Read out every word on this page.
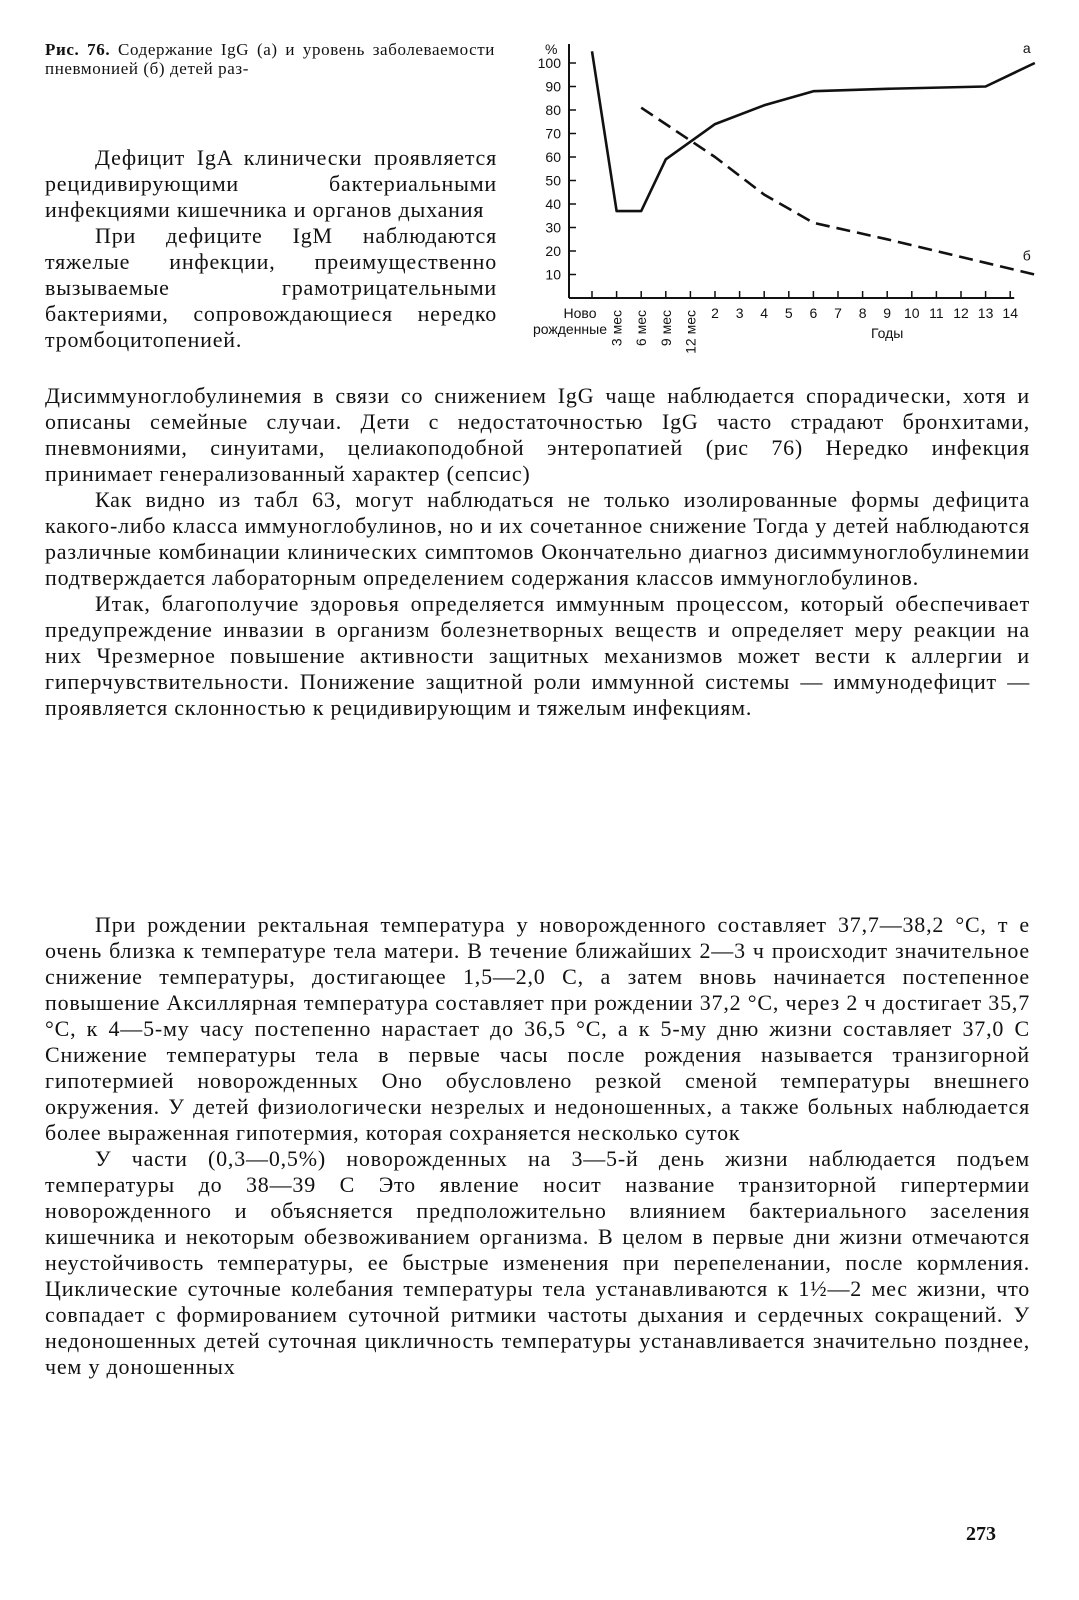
Рис. 76. Содержание IgG (а) и уровень заболеваемости пневмонией (б) детей раз-

Дефицит IgA клинически проявляется рецидивирующими бактериальными инфекциями кишечника и органов дыхания

При дефиците IgM наблюдаются тяжелые инфекции, преимущественно вызываемые грамотрицательными бактериями, сопровождающиеся нередко тромбоцитопенией.

10
20
30
40
50
60
70
80
90
100
Ново
рожденные 3 мес 6 мес 9 мес 12 мес 2 3 4 5 6 7 8 9 10 11 12 13 14
%
Годы
а
б

Дисиммуноглобулинемия в связи со снижением IgG чаще наблюдается спорадически, хотя и описаны семейные случаи. Дети с недостаточностью IgG часто страдают бронхитами, пневмониями, синуитами, целиакоподобной энтеропатией (рис 76) Нередко инфекция принимает генерализованный характер (сепсис)

Как видно из табл 63, могут наблюдаться не только изолированные формы дефицита какого-либо класса иммуноглобулинов, но и их сочетанное снижение Тогда у детей наблюдаются различные комбинации клинических симптомов Окончательно диагноз дисиммуноглобулинемии подтверждается лабораторным определением содержания классов иммуноглобулинов.

Итак, благополучие здоровья определяется иммунным процессом, который обеспечивает предупреждение инвазии в организм болезнетворных веществ и определяет меру реакции на них Чрезмерное повышение активности защитных механизмов может вести к аллергии и гиперчувствительности. Понижение защитной роли иммунной системы — иммунодефицит — проявляется склонностью к рецидивирующим и тяжелым инфекциям.

При рождении ректальная температура у новорожденного составляет 37,7—38,2 °С, т е очень близка к температуре тела матери. В течение ближайших 2—3 ч происходит значительное снижение температуры, достигающее 1,5—2,0 С, а затем вновь начинается постепенное повышение Аксиллярная температура составляет при рождении 37,2 °С, через 2 ч достигает 35,7 °С, к 4—5-му часу постепенно нарастает до 36,5 °С, а к 5-му дню жизни составляет 37,0 С Снижение температуры тела в первые часы после рождения называется транзигорной гипотермией новорожденных Оно обусловлено резкой сменой температуры внешнего окружения. У детей физиологически незрелых и недоношенных, а также больных наблюдается более выраженная гипотермия, которая сохраняется несколько суток

У части (0,3—0,5%) новорожденных на 3—5-й день жизни наблюдается подъем температуры до 38—39 С Это явление носит название транзиторной гипертермии новорожденного и объясняется предположительно влиянием бактериального заселения кишечника и некоторым обезвоживанием организма. В целом в первые дни жизни отмечаются неустойчивость температуры, ее быстрые изменения при перепеленании, после кормления. Циклические суточные колебания температуры тела устанавливаются к 1½—2 мес жизни, что совпадает с формированием суточной ритмики частоты дыхания и сердечных сокращений. У недоношенных детей суточная цикличность температуры устанавливается значительно позднее, чем у доношенных

273
